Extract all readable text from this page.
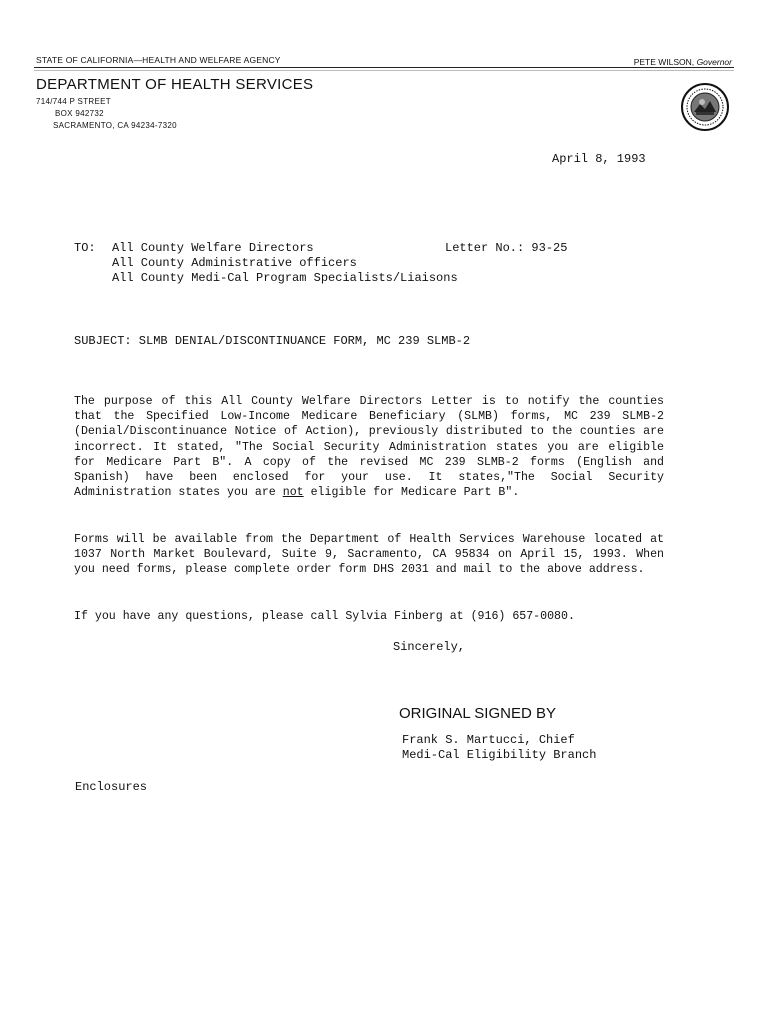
STATE OF CALIFORNIA—HEALTH AND WELFARE AGENCY	PETE WILSON, Governor
DEPARTMENT OF HEALTH SERVICES
714/744 P STREET
BOX 942732
SACRAMENTO, CA 94234-7320
April 8, 1993
TO: All County Welfare Directors
All County Administrative officers
All County Medi-Cal Program Specialists/Liaisons
Letter No.: 93-25
SUBJECT: SLMB DENIAL/DISCONTINUANCE FORM, MC 239 SLMB-2
The purpose of this All County Welfare Directors Letter is to notify the counties that the Specified Low-Income Medicare Beneficiary (SLMB) forms, MC 239 SLMB-2 (Denial/Discontinuance Notice of Action), previously distributed to the counties are incorrect. It stated, "The Social Security Administration states you are eligible for Medicare Part B". A copy of the revised MC 239 SLMB-2 forms (English and Spanish) have been enclosed for your use. It states,"The Social Security Administration states you are not eligible for Medicare Part B".
Forms will be available from the Department of Health Services Warehouse located at 1037 North Market Boulevard, Suite 9, Sacramento, CA 95834 on April 15, 1993. When you need forms, please complete order form DHS 2031 and mail to the above address.
If you have any questions, please call Sylvia Finberg at (916) 657-0080.
Sincerely,
ORIGINAL SIGNED BY
Frank S. Martucci, Chief
Medi-Cal Eligibility Branch
Enclosures
